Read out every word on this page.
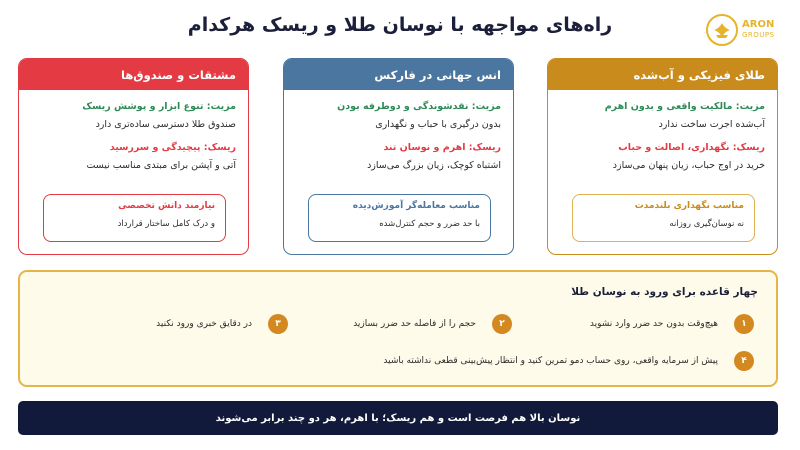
راه‌های مواجهه با نوسان طلا و ریسک هرکدام	ARON
GROUPS
طلای فیزیکی و آب‌شده
مزیت: مالکیت واقعی و بدون اهرم
آب‌شده اجرت ساخت ندارد
ریسک: نگهداری، اصالت و حباب
خرید در اوج حباب، زیان پنهان می‌سازد
مناسب نگهداری بلندمدت
نه نوسان‌گیری روزانه
انس جهانی در فارکس
مزیت: نقدشوندگی و دوطرفه بودن
بدون درگیری با حباب و نگهداری
ریسک: اهرم و نوسان تند
اشتباه کوچک، زیان بزرگ می‌سازد
مناسب معامله‌گر آموزش‌دیده
با حد ضرر و حجم کنترل‌شده
مشتقات و صندوق‌ها
مزیت: تنوع ابزار و پوشش ریسک
صندوق طلا دسترسی ساده‌تری دارد
ریسک: پیچیدگی و سررسید
آتی و آپشن برای مبتدی مناسب نیست
نیازمند دانش تخصصی
و درک کامل ساختار قرارداد
چهار قاعده برای ورود به نوسان طلا
۱
هیچ‌وقت بدون حد ضرر وارد نشوید
۲
حجم را از فاصله حد ضرر بسازید
۳
در دقایق خبری ورود نکنید
۴
پیش از سرمایه واقعی، روی حساب دمو تمرین کنید و انتظار پیش‌بینی قطعی نداشته باشید
نوسان بالا هم فرصت است و هم ریسک؛ با اهرم، هر دو چند برابر می‌شوند
